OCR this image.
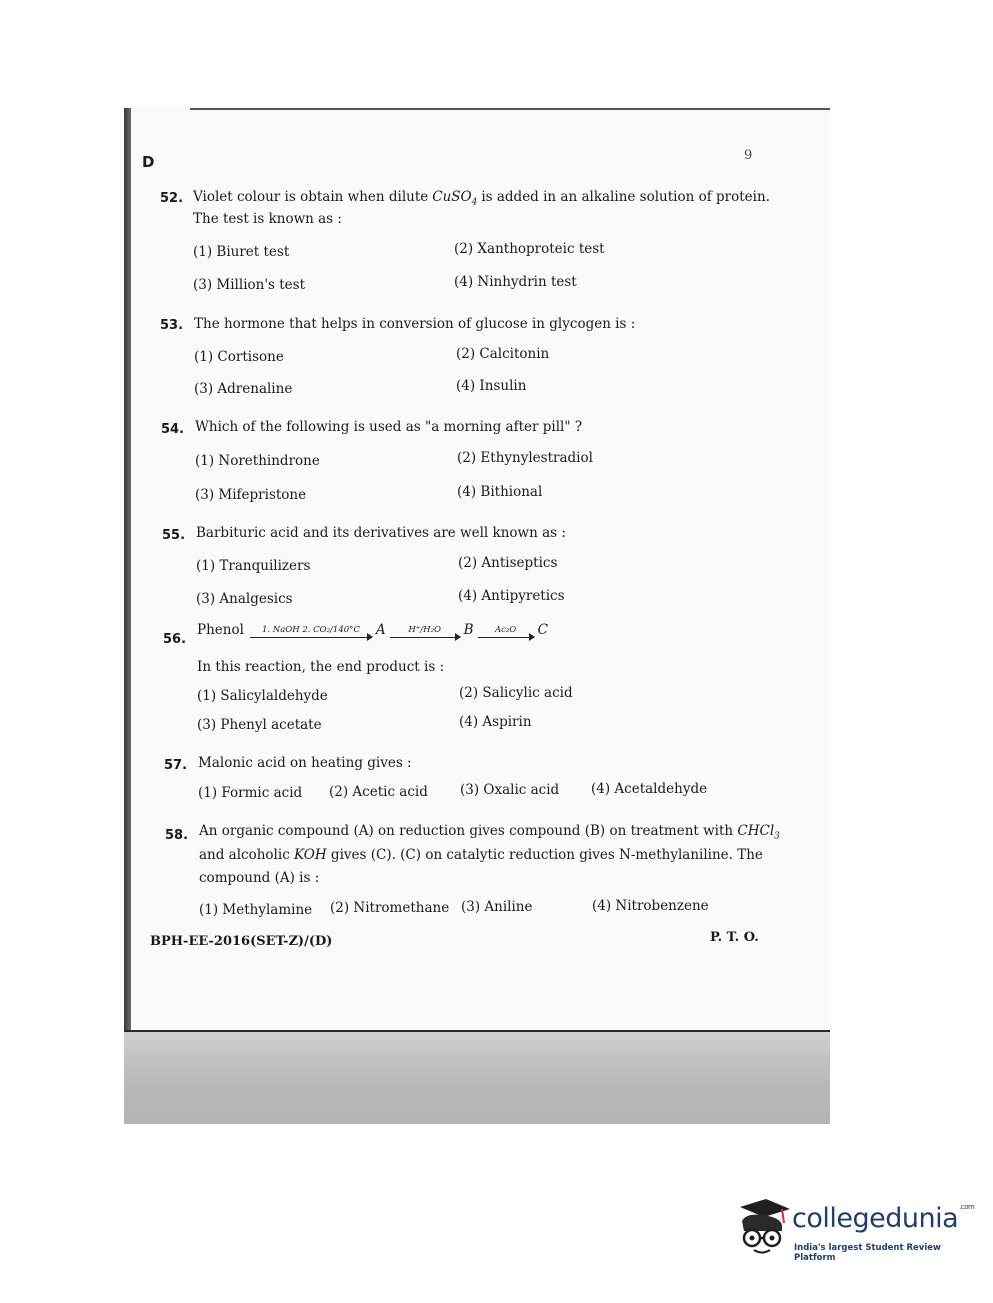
D	9
52. Violet colour is obtain when dilute CuSO$_4$ is added in an alkaline solution of protein.
The test is known as :
(1) Biuret test	(2) Xanthoproteic test
(3) Million's test	(4) Ninhydrin test
53. The hormone that helps in conversion of glucose in glycogen is :
(1) Cortisone	(2) Calcitonin
(3) Adrenaline	(4) Insulin
54. Which of the following is used as "a morning after pill" ?
(1) Norethindrone	(2) Ethynylestradiol
(3) Mifepristone	(4) Bithional
55. Barbituric acid and its derivatives are well known as :
(1) Tranquilizers	(2) Antiseptics
(3) Analgesics	(4) Antipyretics
56.
Phenol	1. NaOH 2. CO₂/140°C	A	H⁺/H₂O	B	Ac₂O	C
In this reaction, the end product is :
(1) Salicylaldehyde	(2) Salicylic acid
(3) Phenyl acetate	(4) Aspirin
57. Malonic acid on heating gives :
(1) Formic acid (2) Acetic acid (3) Oxalic acid (4) Acetaldehyde
58. An organic compound (A) on reduction gives compound (B) on treatment with CHCl$_3$
and alcoholic KOH gives (C). (C) on catalytic reduction gives N-methylaniline. The
compound (A) is :
(1) Methylamine (2) Nitromethane (3) Aniline	(4) Nitrobenzene
BPH-EE-2016(SET-Z)/(D)	P. T. O.
collegedunia$^{.com}$
India's largest Student Review Platform
